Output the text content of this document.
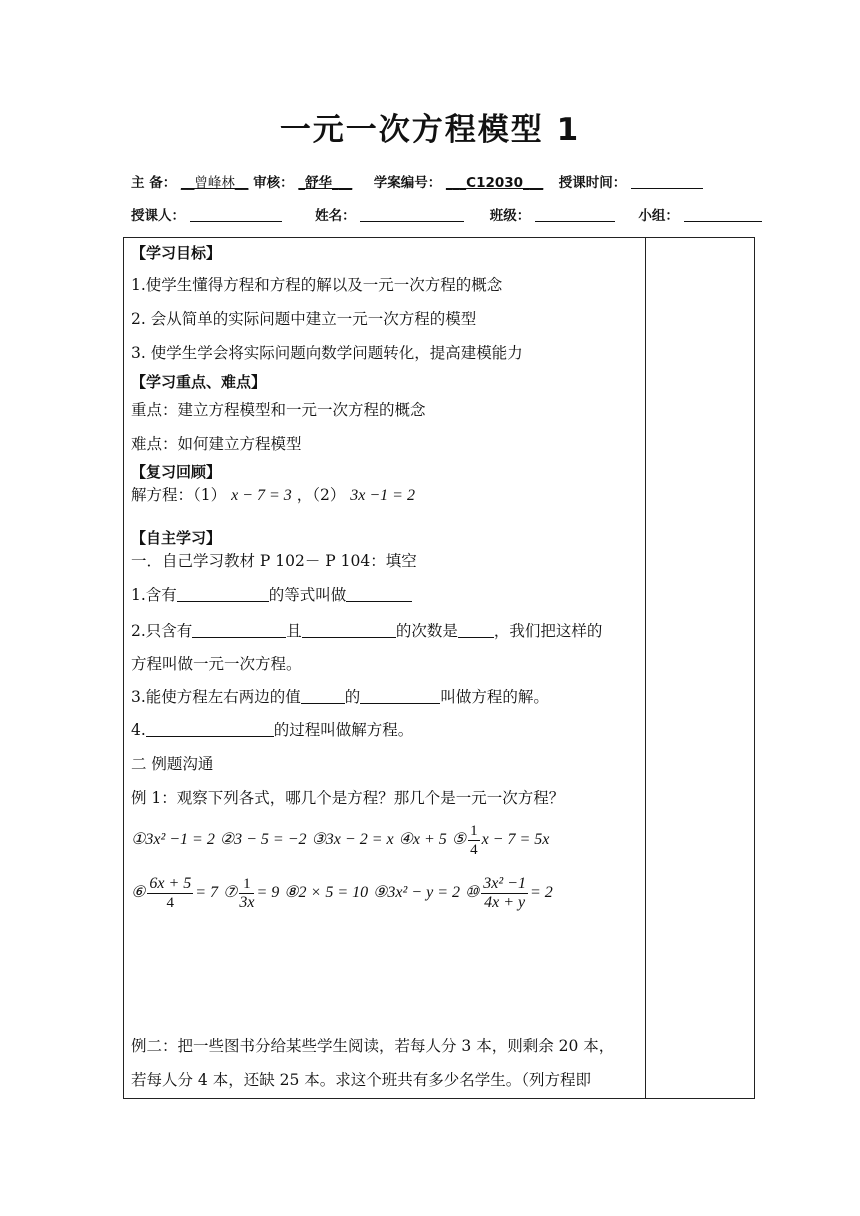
一元一次方程模型 1
主 备： __曾峰林__ 审核： _舒华___ 学案编号： ___C12030___ 授课时间：
授课人：	姓名：	班级：	小组：
【学习目标】
1.使学生懂得方程和方程的解以及一元一次方程的概念
2. 会从简单的实际问题中建立一元一次方程的模型
3. 使学生学会将实际问题向数学问题转化，提高建模能力
【学习重点、难点】
重点：建立方程模型和一元一次方程的概念
难点：如何建立方程模型
【复习回顾】
解方程：（1） x − 7 = 3 ，（2） 3x −1 = 2
【自主学习】
一．自己学习教材 P 102－ P 104：填空
1.含有	的等式叫做
2.只含有	且	的次数是 ，我们把这样的
方程叫做一元一次方程。
3.能使方程左右两边的值	的	叫做方程的解。
4.	的过程叫做解方程。
二 例题沟通
例 1：观察下列各式，哪几个是方程？那几个是一元一次方程？
①3x² −1 = 2 ②3 − 5 = −2 ③3x − 2 = x ④x + 5 ⑤ $\frac{1}{4}$ x − 7 = 5x
⑥ $\frac{6x + 5}{4} = 7$ ⑦ $\frac{1}{3x} = 9$ ⑧2 × 5 = 10 ⑨3x² − y = 2 ⑩ $\frac{\text{3x² −1}}{4x + y} = 2$
例二：把一些图书分给某些学生阅读，若每人分 3 本，则剩余 20 本，
若每人分 4 本，还缺 25 本。求这个班共有多少名学生。（列方程即
